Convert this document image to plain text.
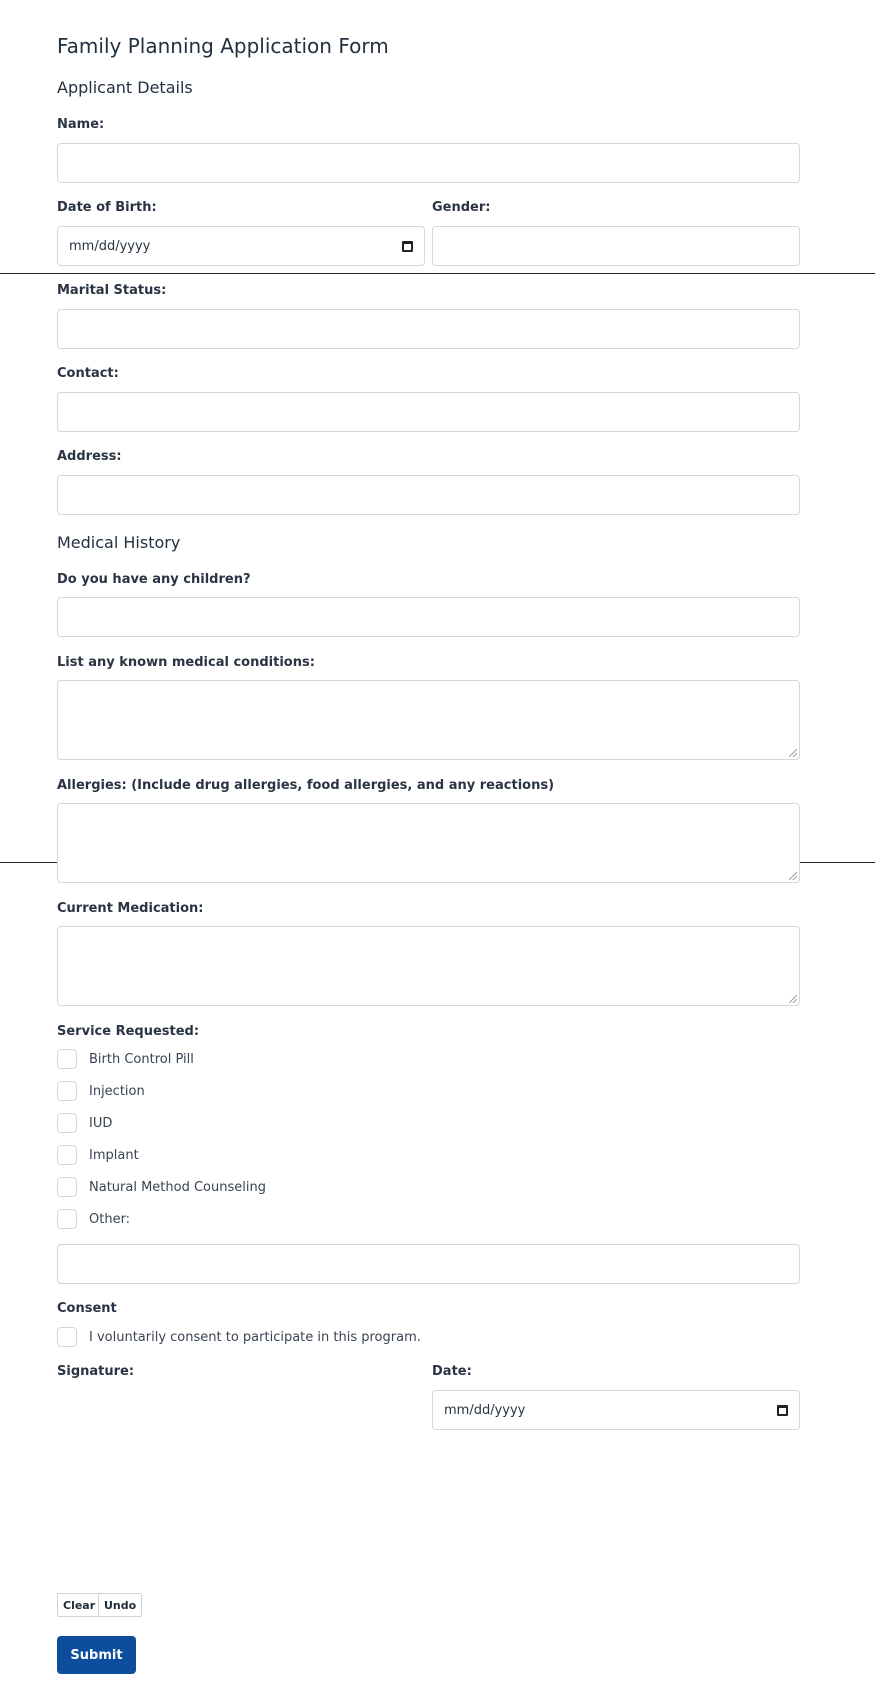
Family Planning Application Form
Applicant Details
Name:
Date of Birth:
mm/dd/yyyy
Gender:
Marital Status:
Contact:
Address:
Medical History
Do you have any children?
List any known medical conditions:
Allergies: (Include drug allergies, food allergies, and any reactions)
Current Medication:
Service Requested:
Birth Control Pill
Injection
IUD
Implant
Natural Method Counseling
Other:
Consent
I voluntarily consent to participate in this program.
Signature:	Date:
mm/dd/yyyy
Clear Undo
Submit
